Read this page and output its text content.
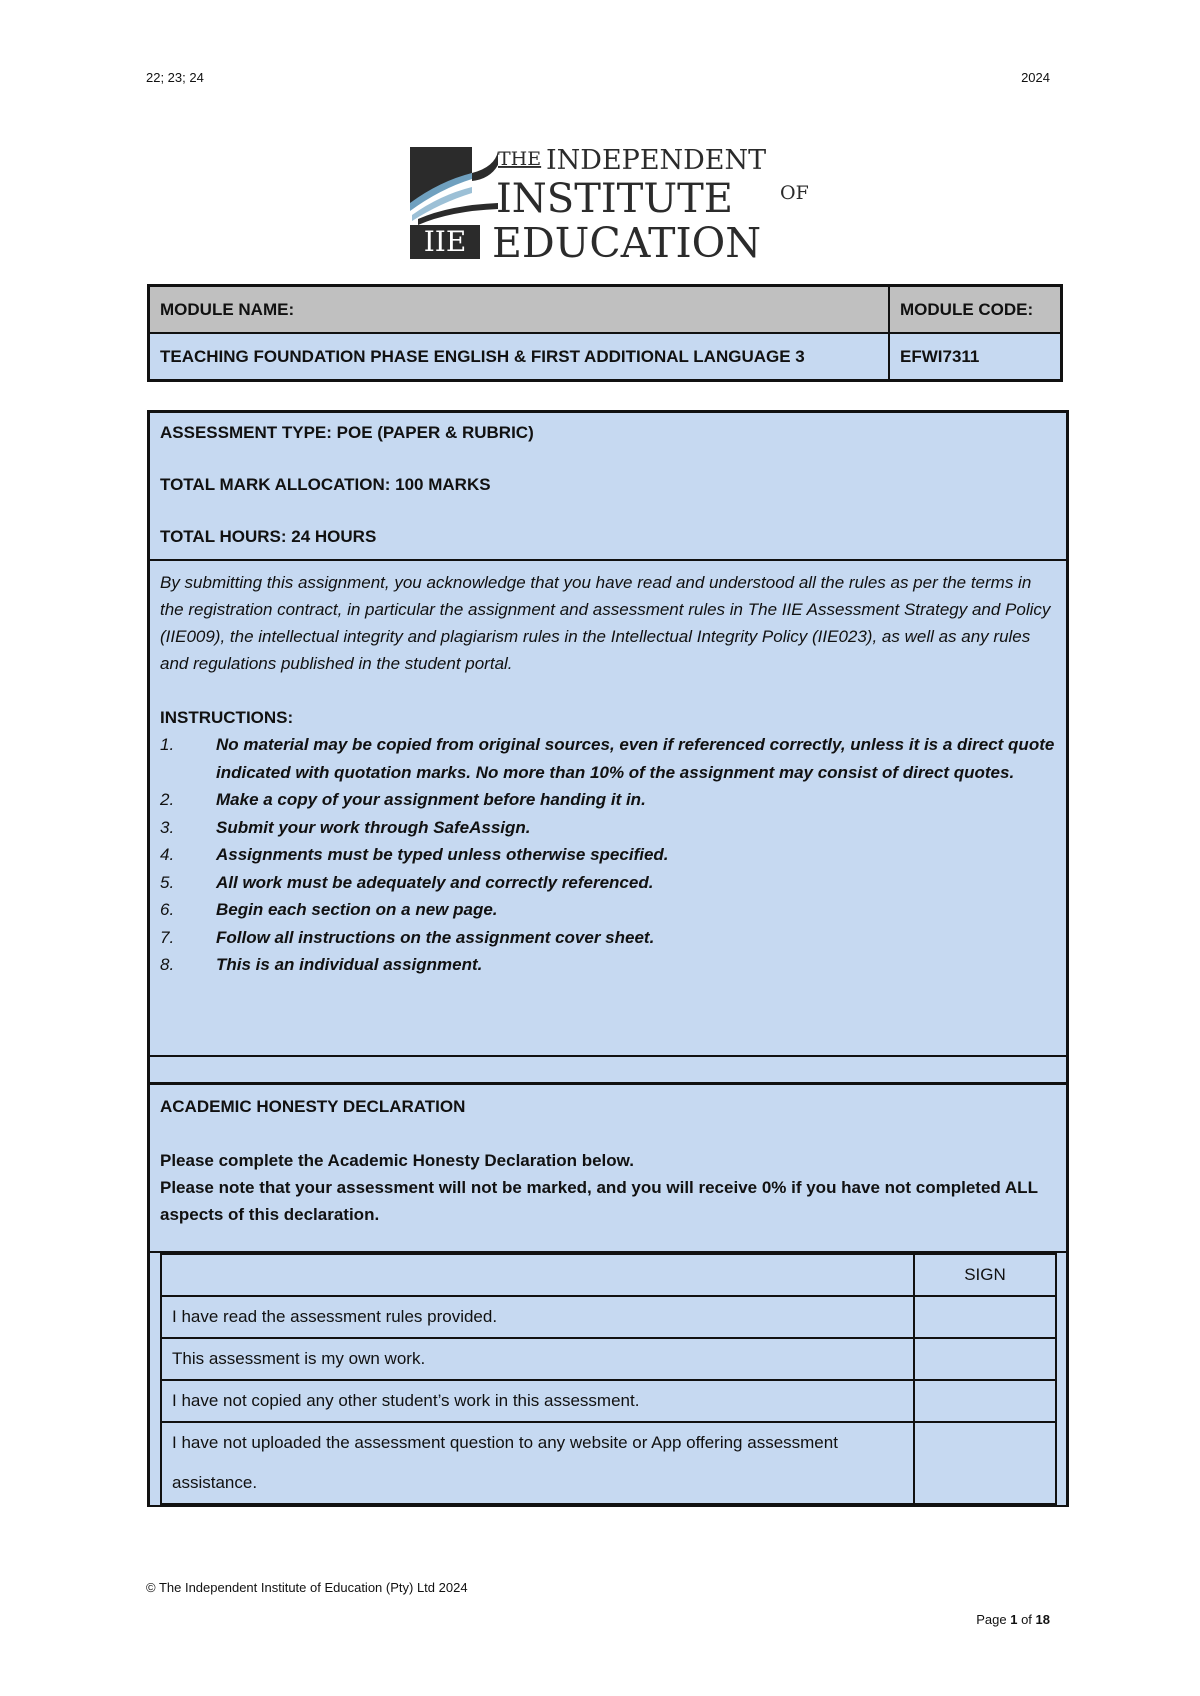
22; 23; 24	2024
IIE
THE INDEPENDENT
INSTITUTE OF
EDUCATION
MODULE NAME:	MODULE CODE:
TEACHING FOUNDATION PHASE ENGLISH & FIRST ADDITIONAL LANGUAGE 3	EFWI7311

ASSESSMENT TYPE: POE (PAPER & RUBRIC)

TOTAL MARK ALLOCATION: 100 MARKS

TOTAL HOURS: 24 HOURS

By submitting this assignment, you acknowledge that you have read and understood all the rules as per the terms in the registration contract, in particular the assignment and assessment rules in The IIE Assessment Strategy and Policy (IIE009), the intellectual integrity and plagiarism rules in the Intellectual Integrity Policy (IIE023), as well as any rules and regulations published in the student portal.

INSTRUCTIONS:

1.	No material may be copied from original sources, even if referenced correctly, unless it is a direct quote indicated with quotation marks. No more than 10% of the assignment may consist of direct quotes.
2.	Make a copy of your assignment before handing it in.
3.	Submit your work through SafeAssign.
4.	Assignments must be typed unless otherwise specified.
5.	All work must be adequately and correctly referenced.
6.	Begin each section on a new page.
7.	Follow all instructions on the assignment cover sheet.
8.	This is an individual assignment.

ACADEMIC HONESTY DECLARATION

Please complete the Academic Honesty Declaration below.

Please note that your assessment will not be marked, and you will receive 0% if you have not completed ALL aspects of this declaration.

	SIGN
I have read the assessment rules provided.	
This assessment is my own work.	
I have not copied any other student’s work in this assessment.	
I have not uploaded the assessment question to any website or App offering assessment assistance.	
© The Independent Institute of Education (Pty) Ltd 2024
Page 1 of 18
